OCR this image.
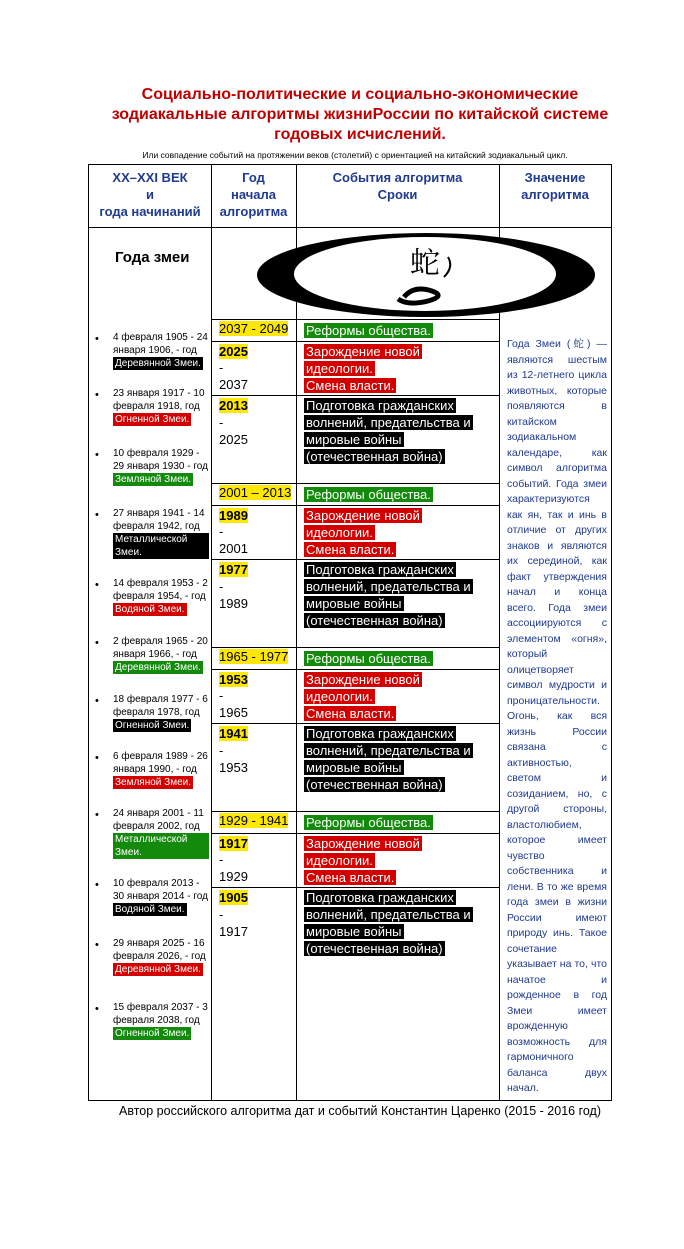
Социально-политические и социально-экономические
зодиакальные алгоритмы жизниРоссии по китайской системе
годовых исчислений.
Или совпадение событий на протяжении веков (столетий) с ориентацией на китайский зодиакальный цикл.
XX–XXI ВЕК
и
года начинаний
Год
начала
алгоритма
События алгоритма
Сроки
Значение
алгоритма
Года змеи	蛇
2037 - 2049 Реформы общества.
2025
-
2037
Зарождение новой
идеологии.
Смена власти.
2013
-
2025
Подготовка гражданских
волнений, предательства и
мировые войны
(отечественная война)
2001 – 2013 Реформы общества.
1989
-
2001
Зарождение новой
идеологии.
Смена власти.
1977
-
1989
Подготовка гражданских
волнений, предательства и
мировые войны
(отечественная война)
1965 - 1977 Реформы общества.
1953
-
1965
Зарождение новой
идеологии.
Смена власти.
1941
-
1953
Подготовка гражданских
волнений, предательства и
мировые войны
(отечественная война)
1929 - 1941 Реформы общества.
1917
-
1929
Зарождение новой
идеологии.
Смена власти.
1905
-
1917
Подготовка гражданских
волнений, предательства и
мировые войны
(отечественная война)
• 4 февраля 1905 - 24 января 1906, - год Деревянной Змеи.
• 23 января 1917 - 10 февраля 1918, год Огненной Змеи.
• 10 февраля 1929 - 29 января 1930 - год Земляной Змеи.
• 27 января 1941 - 14 февраля 1942, год Металлической Змеи.
• 14 февраля 1953 - 2 февраля 1954, - год Водяной Змеи.
• 2 февраля 1965 - 20 января 1966, - год Деревянной Змеи.
• 18 февраля 1977 - 6 февраля 1978, год Огненной Змеи.
• 6 февраля 1989 - 26 января 1990, - год Земляной Змеи.
• 24 января 2001 - 11 февраля 2002, год Металлической Змеи.
• 10 февраля 2013 - 30 января 2014 - год Водяной Змеи.
• 29 января 2025 - 16 февраля 2026, - год Деревянной Змеи.
• 15 февраля 2037 - 3 февраля 2038, год Огненной Змеи.
Года Змеи (蛇) — являются шестым из 12-летнего цикла животных, которые появляются в китайском зодиакальном календаре, как символ алгоритма событий. Года змеи характеризуются как ян, так и инь в отличие от других знаков и являются их серединой, как факт утверждения начал и конца всего. Года змеи ассоциируются с элементом «огня», который олицетворяет символ мудрости и проницательности. Огонь, как вся жизнь России связана с активностью, светом и созиданием, но, с другой стороны, властолюбием, которое имеет чувство собственника и лени. В то же время года змеи в жизни России имеют природу инь. Такое сочетание указывает на то, что начатое и рожденное в год Змеи имеет врожденную возможность для гармоничного баланса двух начал.
Автор российского алгоритма дат и событий Константин Царенко (2015 - 2016 год)
